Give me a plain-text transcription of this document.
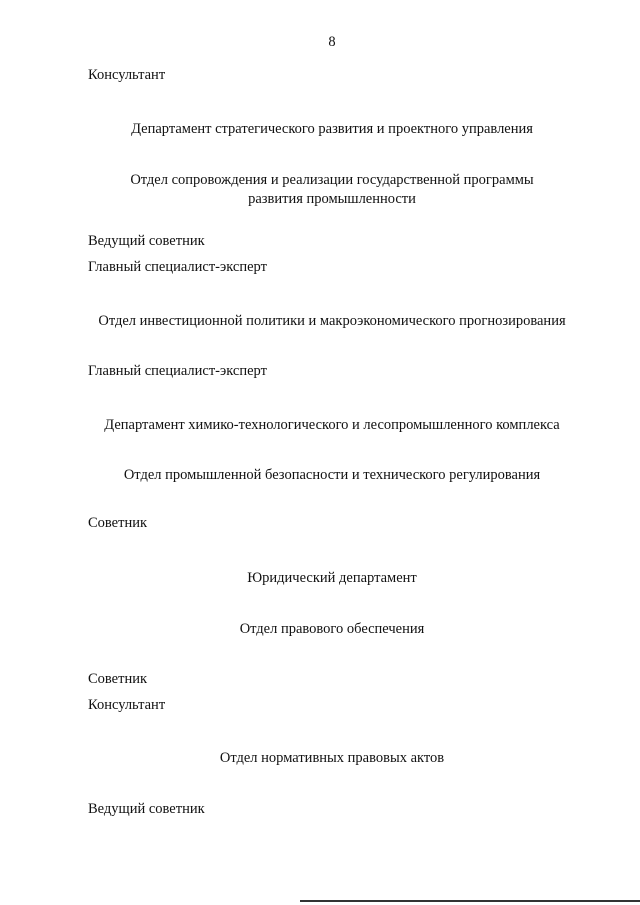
8
Консультант
Департамент стратегического развития и проектного управления
Отдел сопровождения и реализации государственной программы
развития промышленности
Ведущий советник
Главный специалист-эксперт
Отдел инвестиционной политики и макроэкономического прогнозирования
Главный специалист-эксперт
Департамент химико-технологического и лесопромышленного комплекса
Отдел промышленной безопасности и технического регулирования
Советник
Юридический департамент
Отдел правового обеспечения
Советник
Консультант
Отдел нормативных правовых актов
Ведущий советник
